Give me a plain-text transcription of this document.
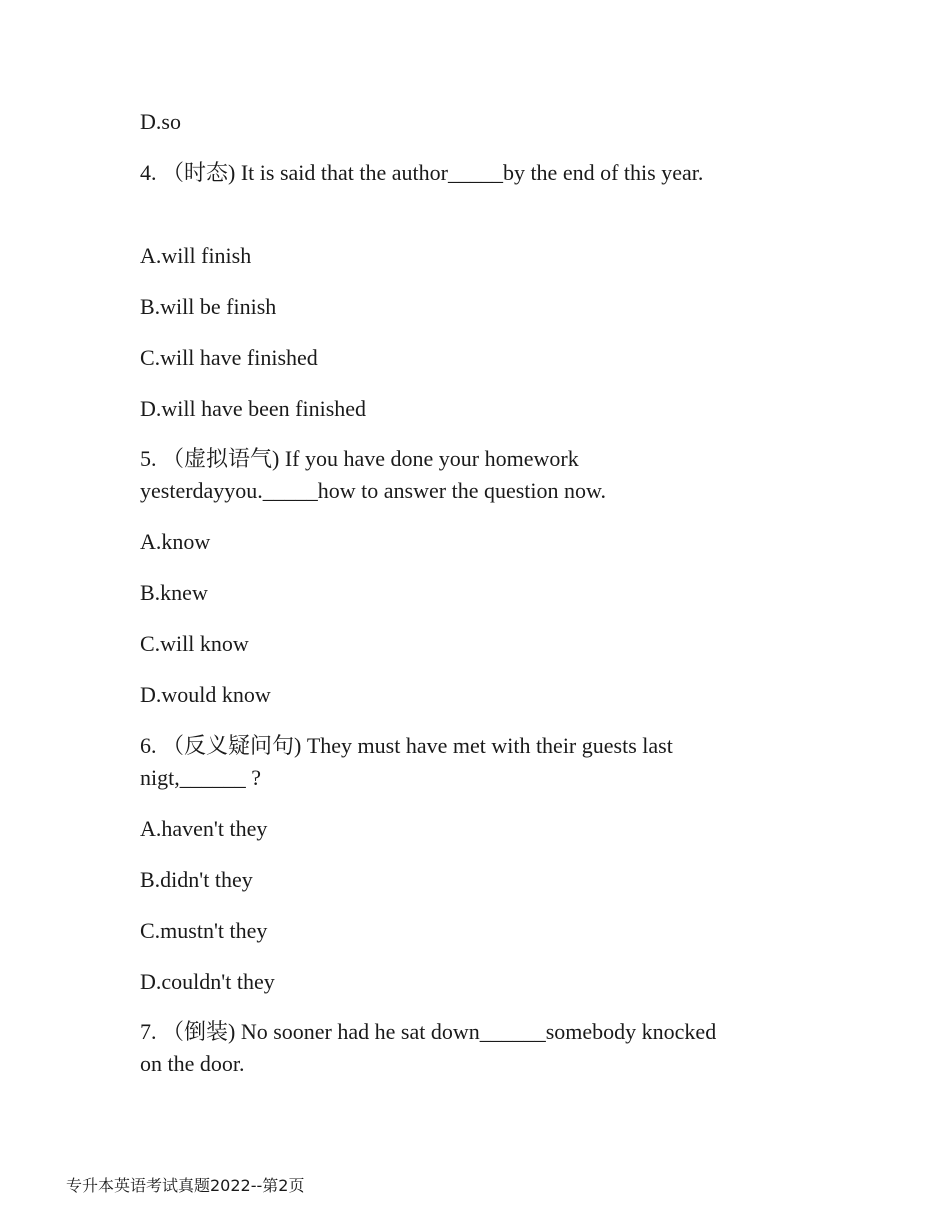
D.so
4. （时态) It is said that the author_____by the end of this year.
A.will finish
B.will be finish
C.will have finished
D.will have been finished
5. （虚拟语气) If you have done your homework yesterdayyou._____how to answer the question now.
A.know
B.knew
C.will know
D.would know
6. （反义疑问句) They must have met with their guests last nigt,______ ?
A.haven't they
B.didn't they
C.mustn't they
D.couldn't they
7. （倒装) No sooner had he sat down______somebody knocked on the door.
专升本英语考试真题2022--第2页
